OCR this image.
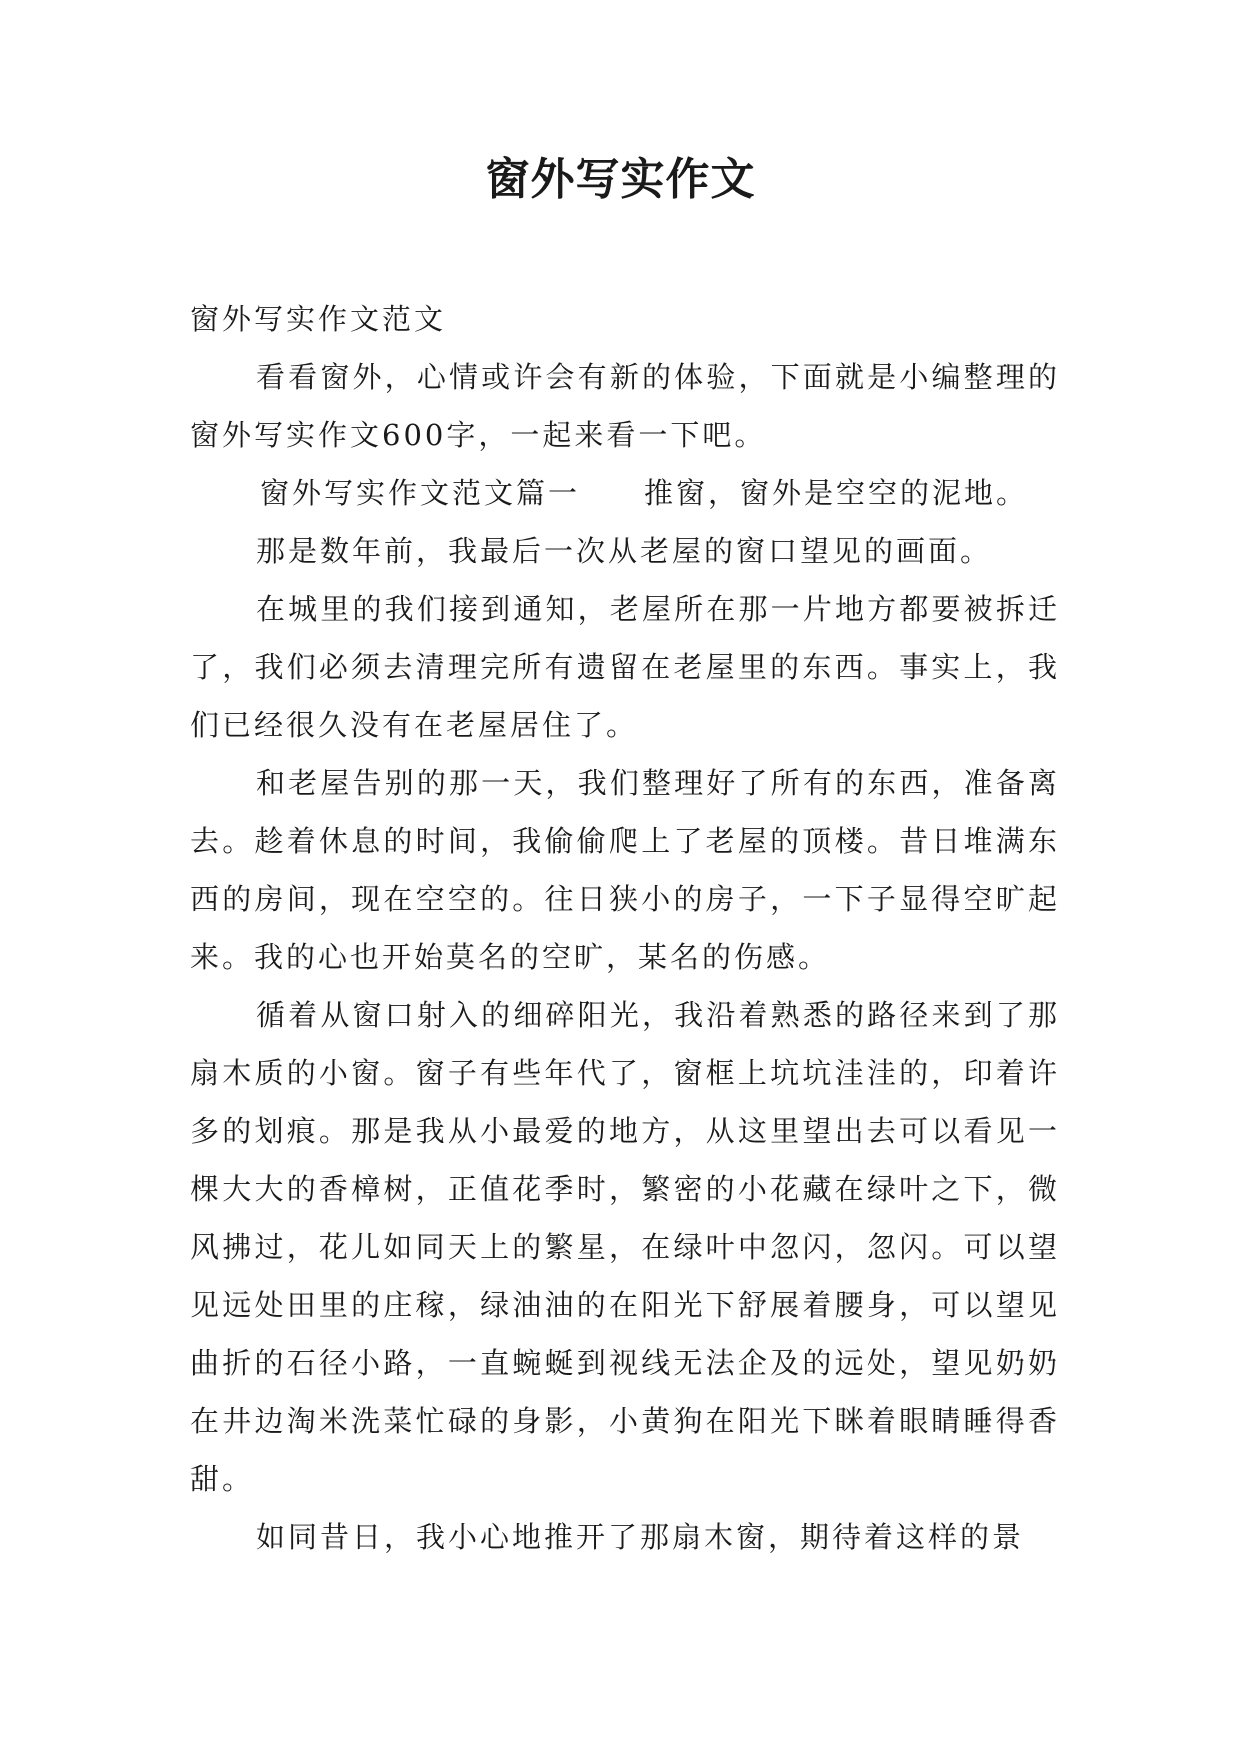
窗外写实作文

窗外写实作文范文

看看窗外，心情或许会有新的体验，下面就是小编整理的窗外写实作文600字，一起来看一下吧。

窗外写实作文范文篇一　　推窗，窗外是空空的泥地。

那是数年前，我最后一次从老屋的窗口望见的画面。

在城里的我们接到通知，老屋所在那一片地方都要被拆迁了，我们必须去清理完所有遗留在老屋里的东西。事实上，我们已经很久没有在老屋居住了。

和老屋告别的那一天，我们整理好了所有的东西，准备离去。趁着休息的时间，我偷偷爬上了老屋的顶楼。昔日堆满东西的房间，现在空空的。往日狭小的房子，一下子显得空旷起来。我的心也开始莫名的空旷，某名的伤感。

循着从窗口射入的细碎阳光，我沿着熟悉的路径来到了那扇木质的小窗。窗子有些年代了，窗框上坑坑洼洼的，印着许多的划痕。那是我从小最爱的地方，从这里望出去可以看见一棵大大的香樟树，正值花季时，繁密的小花藏在绿叶之下，微风拂过，花儿如同天上的繁星，在绿叶中忽闪，忽闪。可以望见远处田里的庄稼，绿油油的在阳光下舒展着腰身，可以望见曲折的石径小路，一直蜿蜒到视线无法企及的远处，望见奶奶在井边淘米洗菜忙碌的身影，小黄狗在阳光下眯着眼睛睡得香甜。

如同昔日，我小心地推开了那扇木窗，期待着这样的景
